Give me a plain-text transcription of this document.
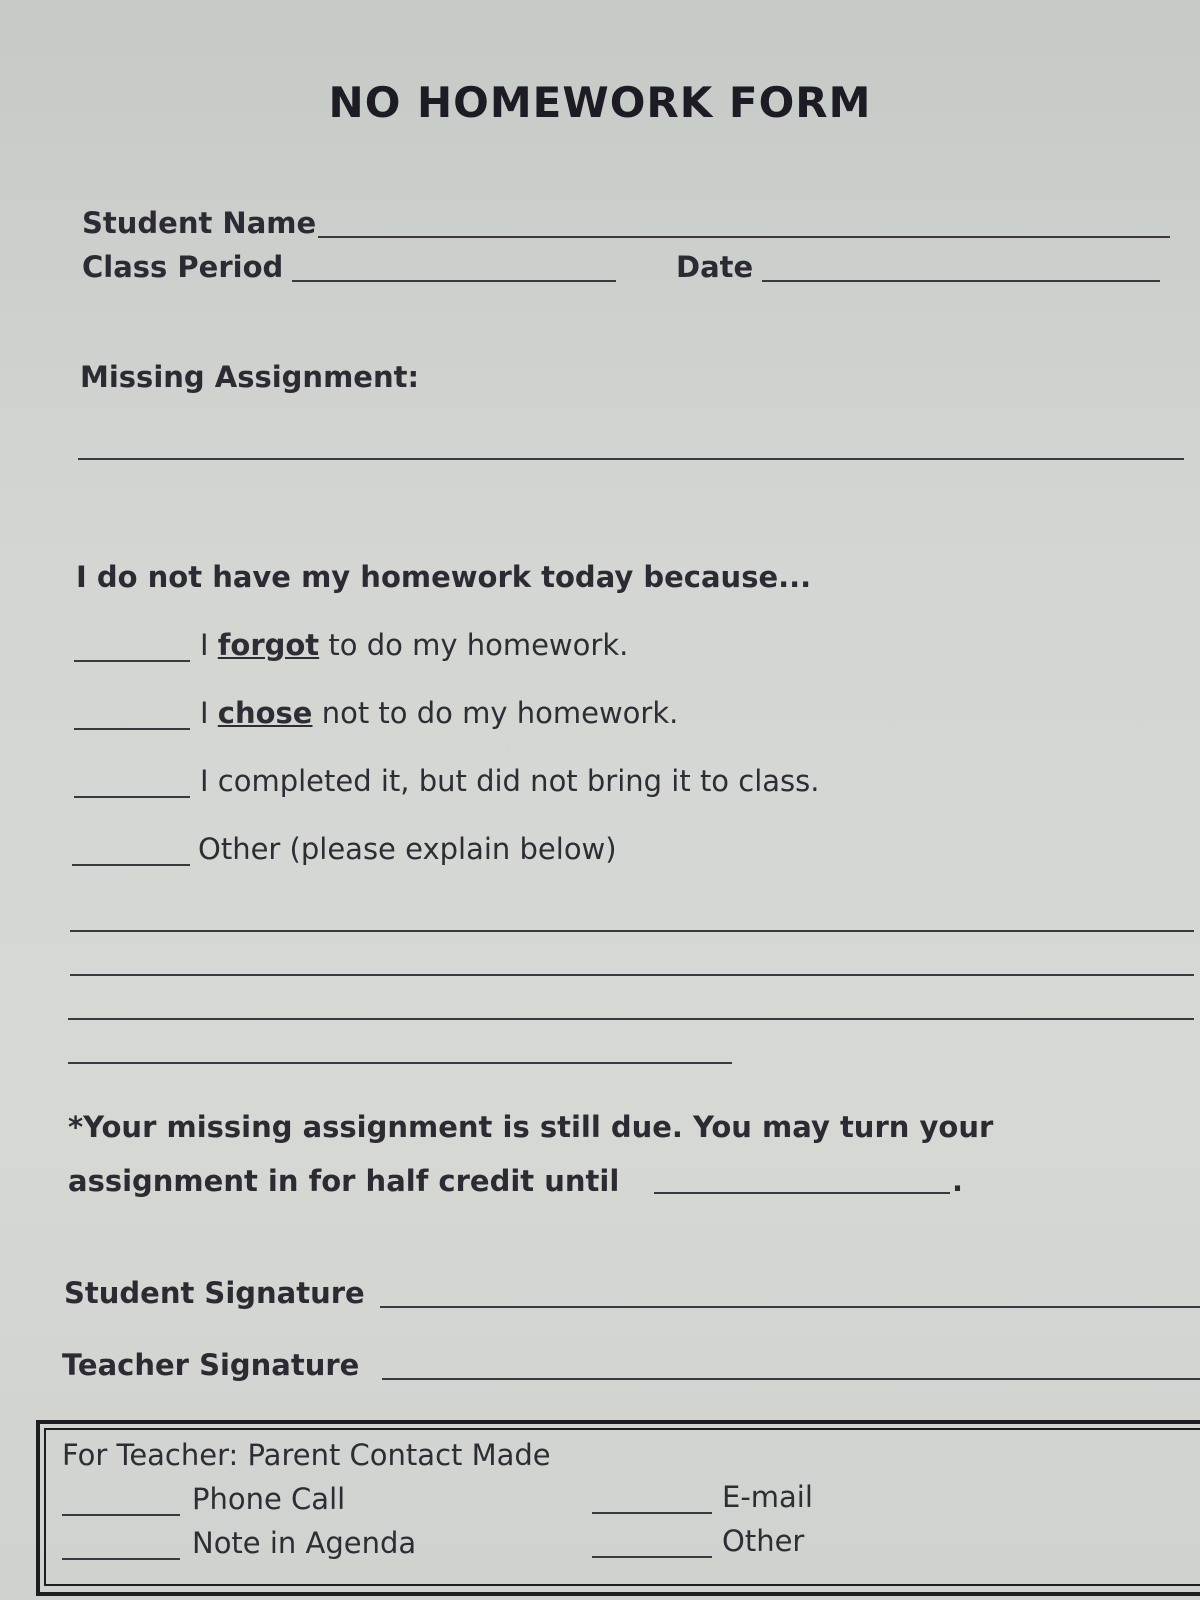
NO HOMEWORK FORM
Student Name
Class Period	Date
Missing Assignment:
I do not have my homework today because...
I forgot to do my homework.
I chose not to do my homework.
I completed it, but did not bring it to class.
Other (please explain below)
*Your missing assignment is still due. You may turn your
assignment in for half credit until	.
Student Signature
Teacher Signature
For Teacher: Parent Contact Made
Phone Call	E-mail
Note in Agenda	Other
